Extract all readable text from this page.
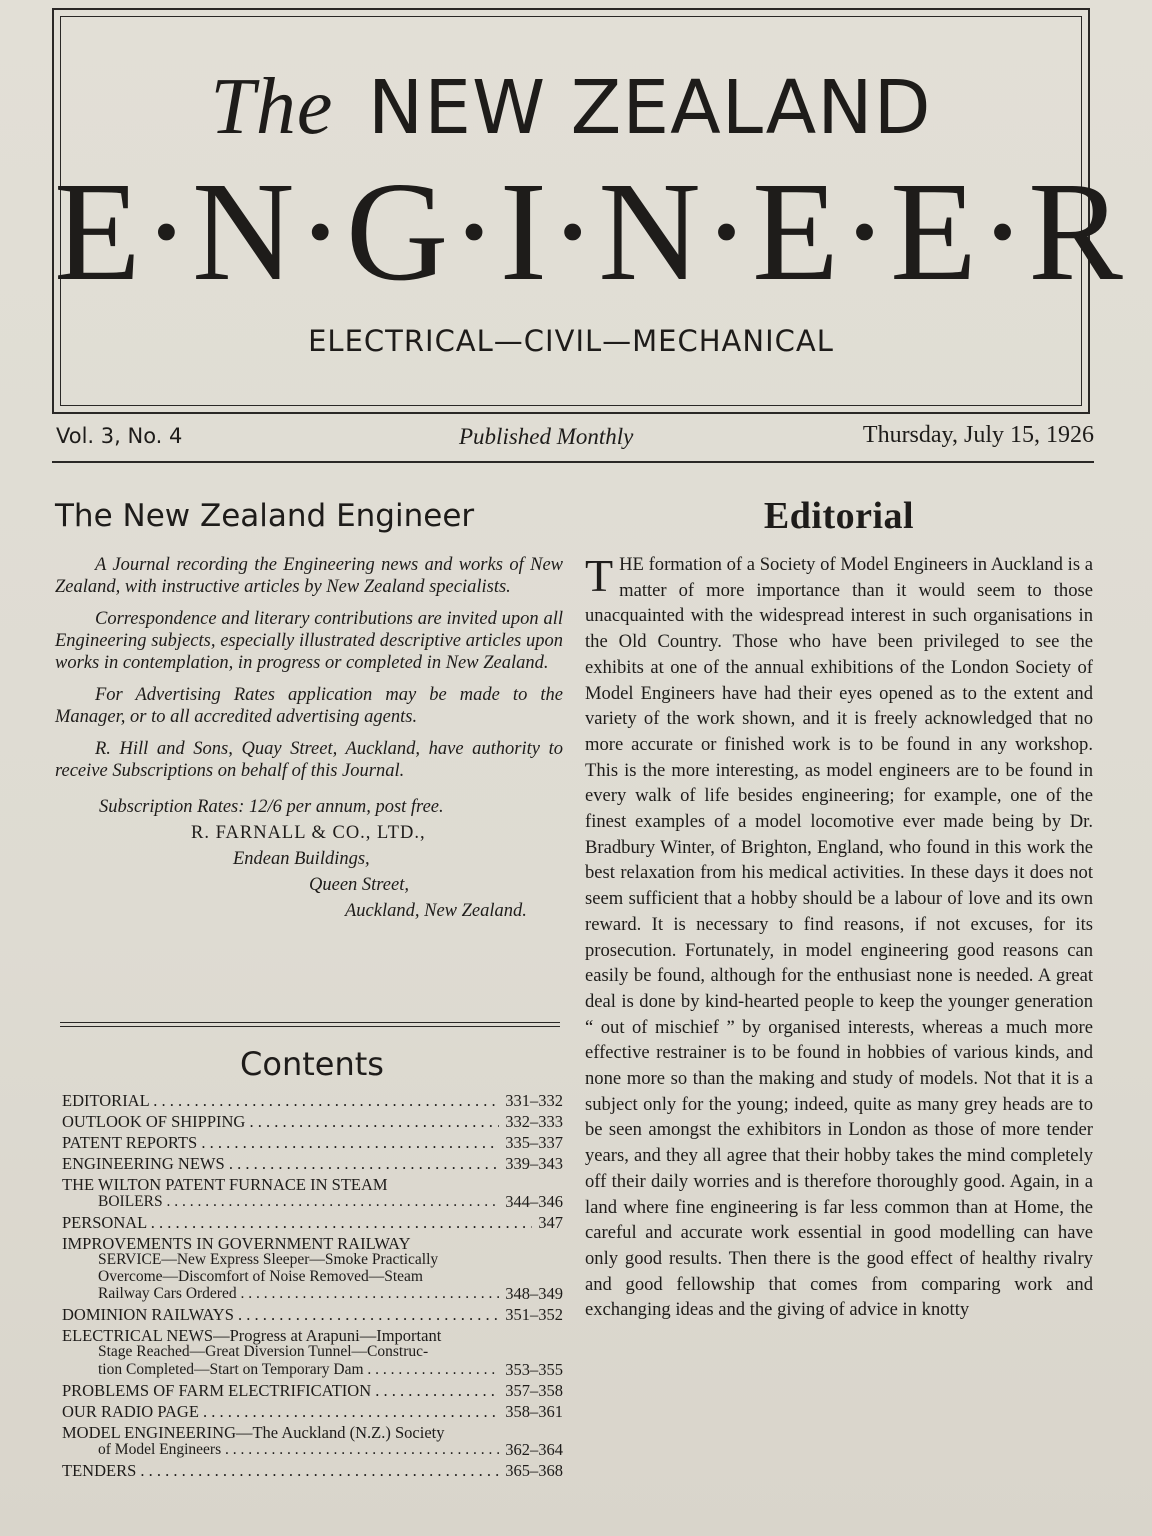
The NEW ZEALAND
E·N·G·I·N·E·E·R
ELECTRICAL—CIVIL—MECHANICAL
Vol. 3, No. 4	Published Monthly	Thursday, July 15, 1926
The New Zealand Engineer

A Journal recording the Engineering news and works of New Zealand, with instructive articles by New Zealand specialists.

Correspondence and literary contributions are invited upon all Engineering subjects, especially illustrated descriptive articles upon works in contemplation, in progress or completed in New Zealand.

For Advertising Rates application may be made to the Manager, or to all accredited advertising agents.

R. Hill and Sons, Quay Street, Auckland, have authority to receive Subscriptions on behalf of this Journal.

Subscription Rates: 12/6 per annum, post free.
R. FARNALL & CO., LTD.,
Endean Buildings,
Queen Street,
Auckland, New Zealand.
Contents
EDITORIAL . . .	331–332
OUTLOOK OF SHIPPING . . .	332–333
PATENT REPORTS . . .	335–337
ENGINEERING NEWS . . .	339–343
THE WILTON PATENT FURNACE IN STEAM
BOILERS . . .	344–346
PERSONAL . . .	347
IMPROVEMENTS IN GOVERNMENT RAILWAY
SERVICE—New Express Sleeper—Smoke Practically
Overcome—Discomfort of Noise Removed—Steam
Railway Cars Ordered . . .	348–349
DOMINION RAILWAYS . . .	351–352
ELECTRICAL NEWS—Progress at Arapuni—Important
Stage Reached—Great Diversion Tunnel—Construc-
tion Completed—Start on Temporary Dam . . .	353–355
PROBLEMS OF FARM ELECTRIFICATION . . .	357–358
OUR RADIO PAGE . . .	358–361
MODEL ENGINEERING—The Auckland (N.Z.) Society
of Model Engineers . . .	362–364
TENDERS . . .	365–368
Editorial

THE formation of a Society of Model Engineers in Auckland is a matter of more importance than it would seem to those unacquainted with the widespread interest in such organisations in the Old Country. Those who have been privileged to see the exhibits at one of the annual exhibitions of the London Society of Model Engineers have had their eyes opened as to the extent and variety of the work shown, and it is freely acknowledged that no more accurate or finished work is to be found in any workshop. This is the more interesting, as model engineers are to be found in every walk of life besides engineering; for example, one of the finest examples of a model locomotive ever made being by Dr. Bradbury Winter, of Brighton, England, who found in this work the best relaxation from his medical activities. In these days it does not seem sufficient that a hobby should be a labour of love and its own reward. It is necessary to find reasons, if not excuses, for its prosecution. Fortunately, in model engineering good reasons can easily be found, although for the enthusiast none is needed. A great deal is done by kind-hearted people to keep the younger generation “ out of mischief ” by organised interests, whereas a much more effective restrainer is to be found in hobbies of various kinds, and none more so than the making and study of models. Not that it is a subject only for the young; indeed, quite as many grey heads are to be seen amongst the exhibitors in London as those of more tender years, and they all agree that their hobby takes the mind completely off their daily worries and is therefore thoroughly good. Again, in a land where fine engineering is far less common than at Home, the careful and accurate work essential in good modelling can have only good results. Then there is the good effect of healthy rivalry and good fellowship that comes from comparing work and exchanging ideas and the giving of advice in knotty
